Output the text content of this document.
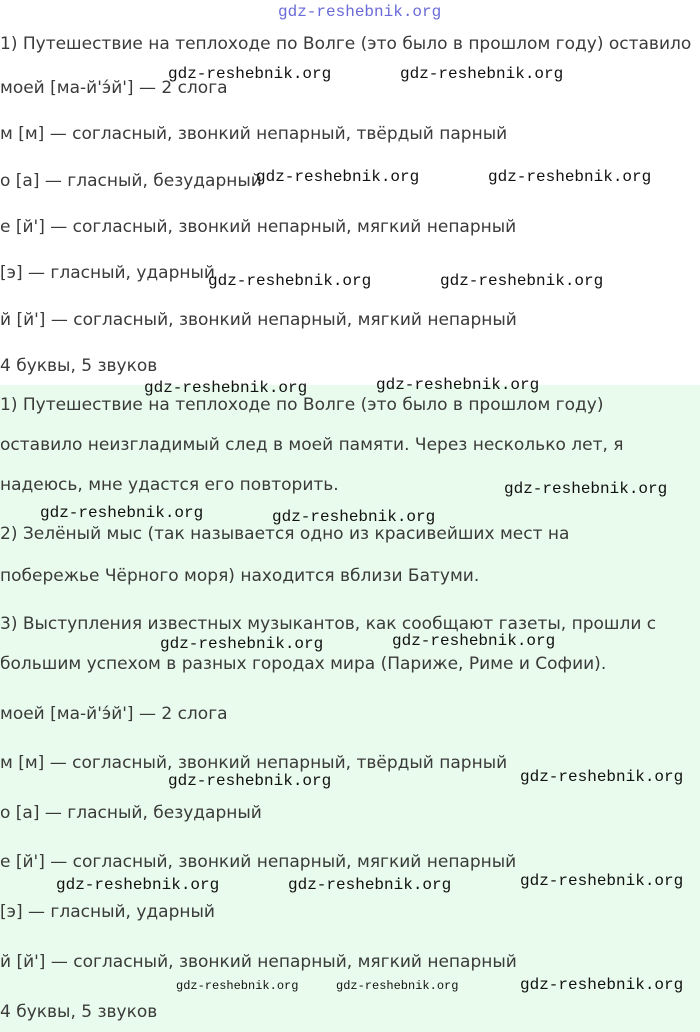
1) Путешествие на теплоходе по Волге (это было в прошлом году) оставило
моей [ма-й'э́й'] — 2 слога
м [м] — согласный, звонкий непарный, твёрдый парный
о [а] — гласный, безударный
е [й'] — согласный, звонкий непарный, мягкий непарный
[э] — гласный, ударный
й [й'] — согласный, звонкий непарный, мягкий непарный
4 буквы, 5 звуков
1) Путешествие на теплоходе по Волге (это было в прошлом году)
оставило неизгладимый след в моей памяти. Через несколько лет, я
надеюсь, мне удастся его повторить.
2) Зелёный мыс (так называется одно из красивейших мест на
побережье Чёрного моря) находится вблизи Батуми.
3) Выступления известных музыкантов, как сообщают газеты, прошли с
большим успехом в разных городах мира (Париже, Риме и Софии).
моей [ма-й'э́й'] — 2 слога
м [м] — согласный, звонкий непарный, твёрдый парный
о [а] — гласный, безударный
е [й'] — согласный, звонкий непарный, мягкий непарный
[э] — гласный, ударный
й [й'] — согласный, звонкий непарный, мягкий непарный
4 буквы, 5 звуков
gdz-reshebnik.org
gdz-reshebnik.org	gdz-reshebnik.org
gdz-reshebnik.org	gdz-reshebnik.org
gdz-reshebnik.org	gdz-reshebnik.org
gdz-reshebnik.org	gdz-reshebnik.org
gdz-reshebnik.org
gdz-reshebnik.org	gdz-reshebnik.org
gdz-reshebnik.org	gdz-reshebnik.org
gdz-reshebnik.org	gdz-reshebnik.org
gdz-reshebnik.org	gdz-reshebnik.org	gdz-reshebnik.org
gdz-reshebnik.org	gdz-reshebnik.org	gdz-reshebnik.org
